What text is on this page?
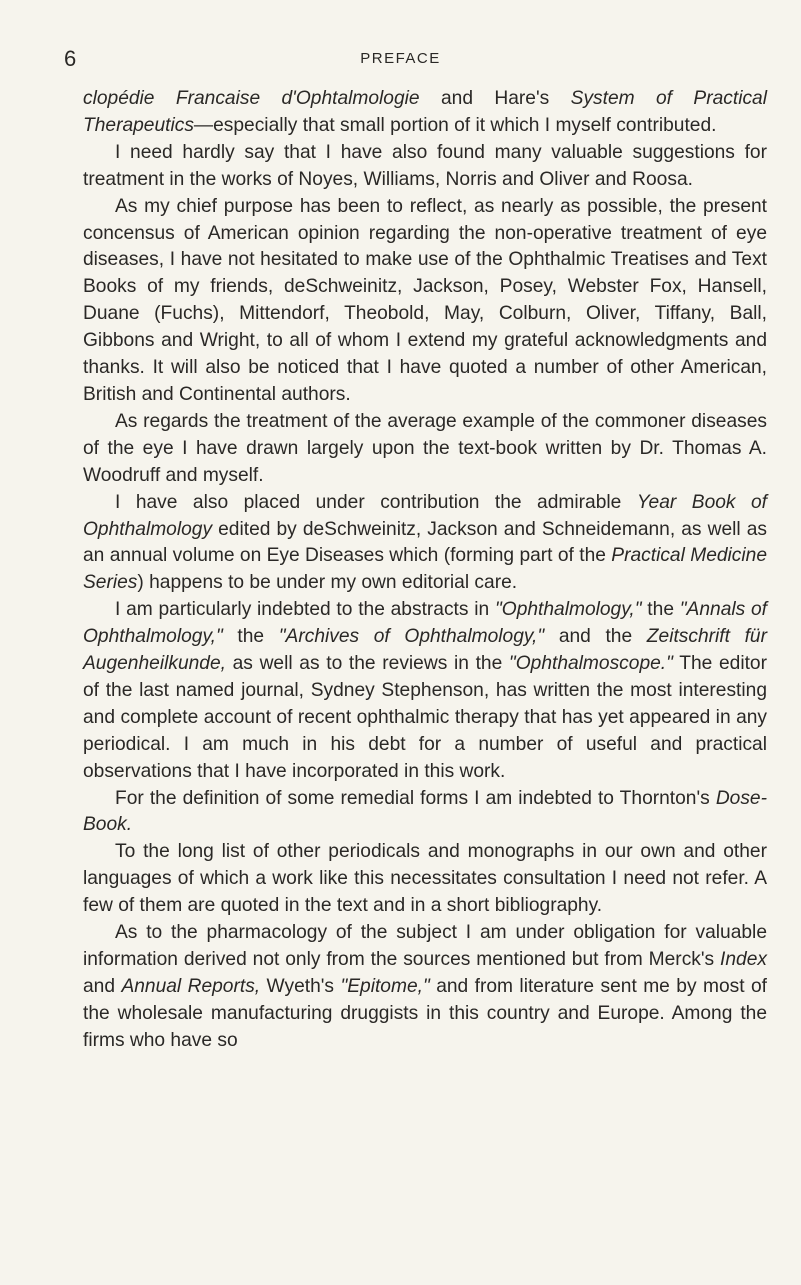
6	PREFACE

clopédie Francaise d'Ophtalmologie and Hare's System of Practical Therapeutics—especially that small portion of it which I myself contributed.

I need hardly say that I have also found many valuable suggestions for treatment in the works of Noyes, Williams, Norris and Oliver and Roosa.

As my chief purpose has been to reflect, as nearly as possible, the present concensus of American opinion regarding the non-operative treatment of eye diseases, I have not hesitated to make use of the Ophthalmic Treatises and Text Books of my friends, deSchweinitz, Jackson, Posey, Webster Fox, Hansell, Duane (Fuchs), Mittendorf, Theobold, May, Colburn, Oliver, Tiffany, Ball, Gibbons and Wright, to all of whom I extend my grateful acknowledgments and thanks. It will also be noticed that I have quoted a number of other American, British and Continental authors.

As regards the treatment of the average example of the commoner diseases of the eye I have drawn largely upon the text-book written by Dr. Thomas A. Woodruff and myself.

I have also placed under contribution the admirable Year Book of Ophthalmology edited by deSchweinitz, Jackson and Schneidemann, as well as an annual volume on Eye Diseases which (forming part of the Practical Medicine Series) happens to be under my own editorial care.

I am particularly indebted to the abstracts in "Ophthalmology," the "Annals of Ophthalmology," the "Archives of Ophthalmology," and the Zeitschrift für Augenheilkunde, as well as to the reviews in the "Ophthalmoscope." The editor of the last named journal, Sydney Stephenson, has written the most interesting and complete account of recent ophthalmic therapy that has yet appeared in any periodical. I am much in his debt for a number of useful and practical observations that I have incorporated in this work.

For the definition of some remedial forms I am indebted to Thornton's Dose-Book.

To the long list of other periodicals and monographs in our own and other languages of which a work like this necessitates consultation I need not refer. A few of them are quoted in the text and in a short bibliography.

As to the pharmacology of the subject I am under obligation for valuable information derived not only from the sources mentioned but from Merck's Index and Annual Reports, Wyeth's "Epitome," and from literature sent me by most of the wholesale manufacturing druggists in this country and Europe. Among the firms who have so
